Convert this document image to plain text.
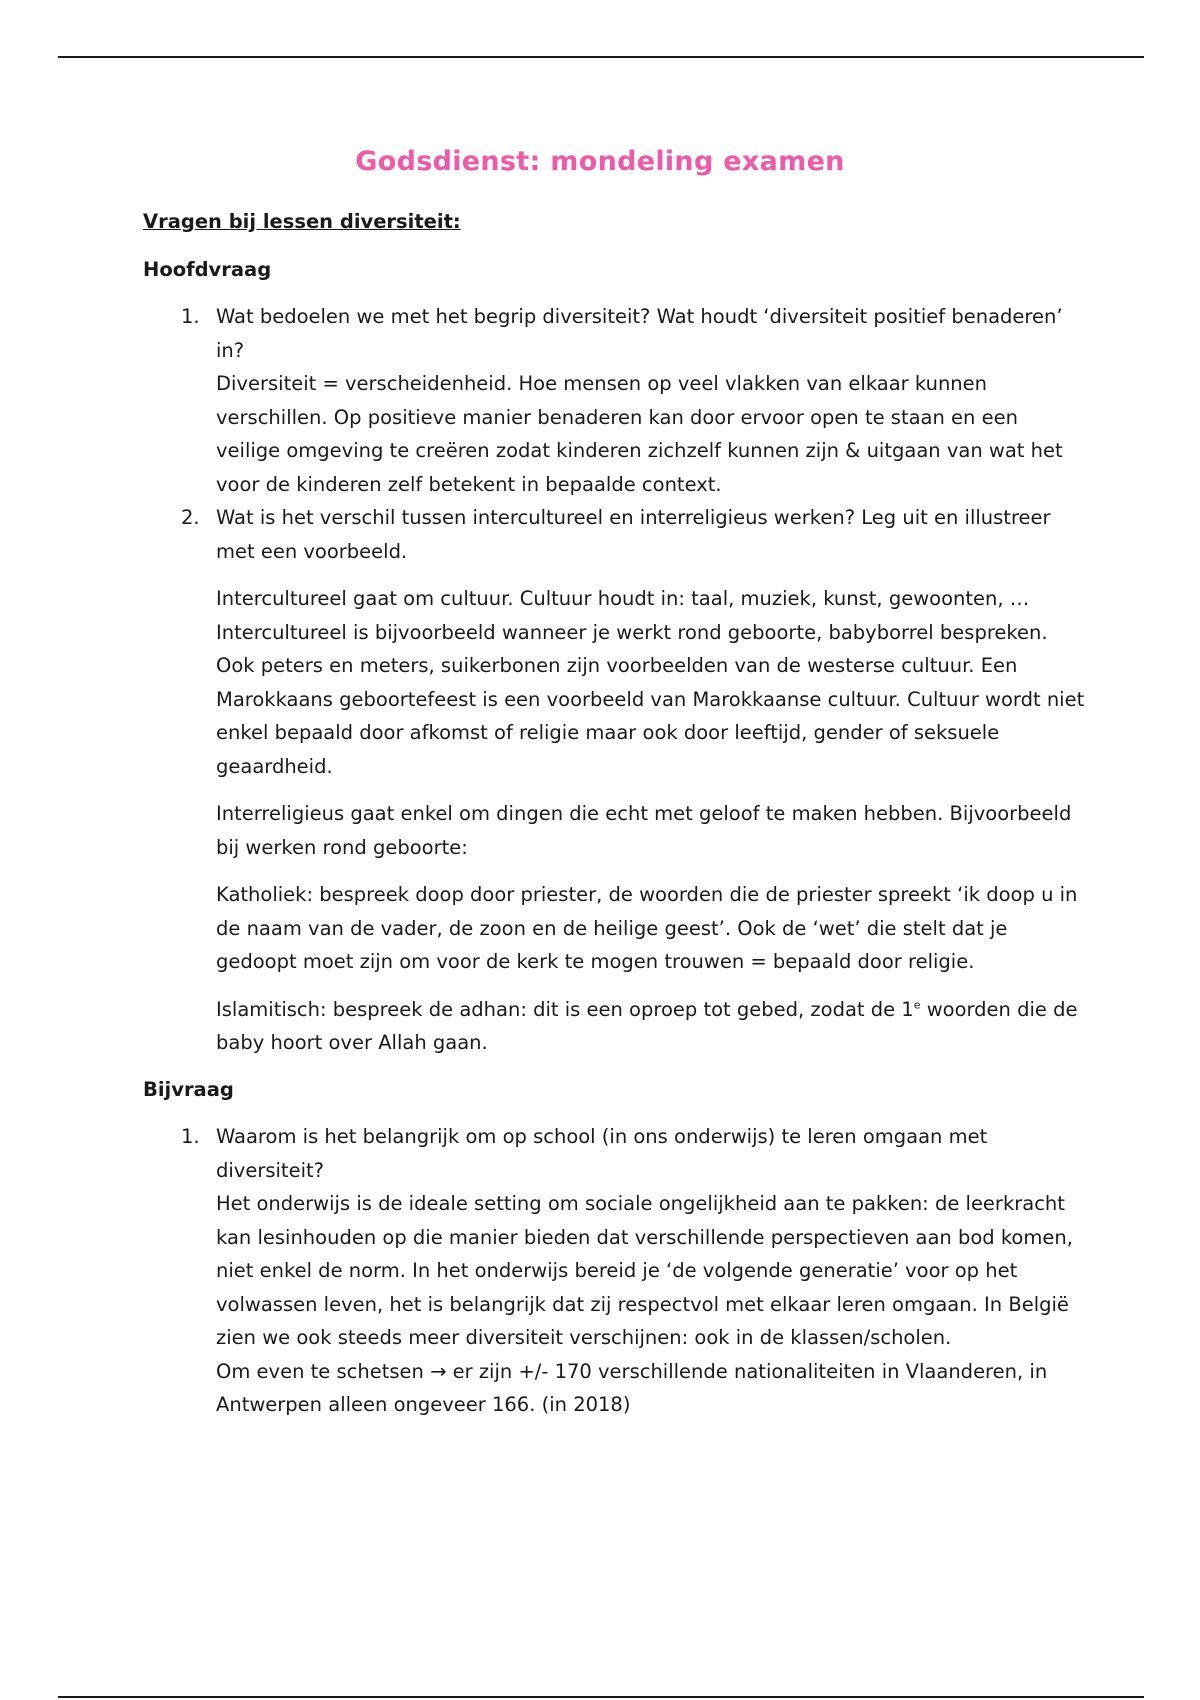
Godsdienst: mondeling examen

Vragen bij lessen diversiteit:

Hoofdvraag

1. Wat bedoelen we met het begrip diversiteit? Wat houdt ‘diversiteit positief benaderen’ in?

Diversiteit = verscheidenheid. Hoe mensen op veel vlakken van elkaar kunnen verschillen. Op positieve manier benaderen kan door ervoor open te staan en een veilige omgeving te creëren zodat kinderen zichzelf kunnen zijn & uitgaan van wat het voor de kinderen zelf betekent in bepaalde context.

2. Wat is het verschil tussen intercultureel en interreligieus werken? Leg uit en illustreer met een voorbeeld.

Intercultureel gaat om cultuur. Cultuur houdt in: taal, muziek, kunst, gewoonten, … Intercultureel is bijvoorbeeld wanneer je werkt rond geboorte, babyborrel bespreken. Ook peters en meters, suikerbonen zijn voorbeelden van de westerse cultuur. Een Marokkaans geboortefeest is een voorbeeld van Marokkaanse cultuur. Cultuur wordt niet enkel bepaald door afkomst of religie maar ook door leeftijd, gender of seksuele geaardheid.

Interreligieus gaat enkel om dingen die echt met geloof te maken hebben. Bijvoorbeeld bij werken rond geboorte:

Katholiek: bespreek doop door priester, de woorden die de priester spreekt ‘ik doop u in de naam van de vader, de zoon en de heilige geest’. Ook de ‘wet’ die stelt dat je gedoopt moet zijn om voor de kerk te mogen trouwen = bepaald door religie.

Islamitisch: bespreek de adhan: dit is een oproep tot gebed, zodat de 1e woorden die de baby hoort over Allah gaan.

Bijvraag

1. Waarom is het belangrijk om op school (in ons onderwijs) te leren omgaan met diversiteit?

Het onderwijs is de ideale setting om sociale ongelijkheid aan te pakken: de leerkracht kan lesinhouden op die manier bieden dat verschillende perspectieven aan bod komen, niet enkel de norm. In het onderwijs bereid je ‘de volgende generatie’ voor op het volwassen leven, het is belangrijk dat zij respectvol met elkaar leren omgaan. In België zien we ook steeds meer diversiteit verschijnen: ook in de klassen/scholen.

Om even te schetsen → er zijn +/- 170 verschillende nationaliteiten in Vlaanderen, in Antwerpen alleen ongeveer 166. (in 2018)
